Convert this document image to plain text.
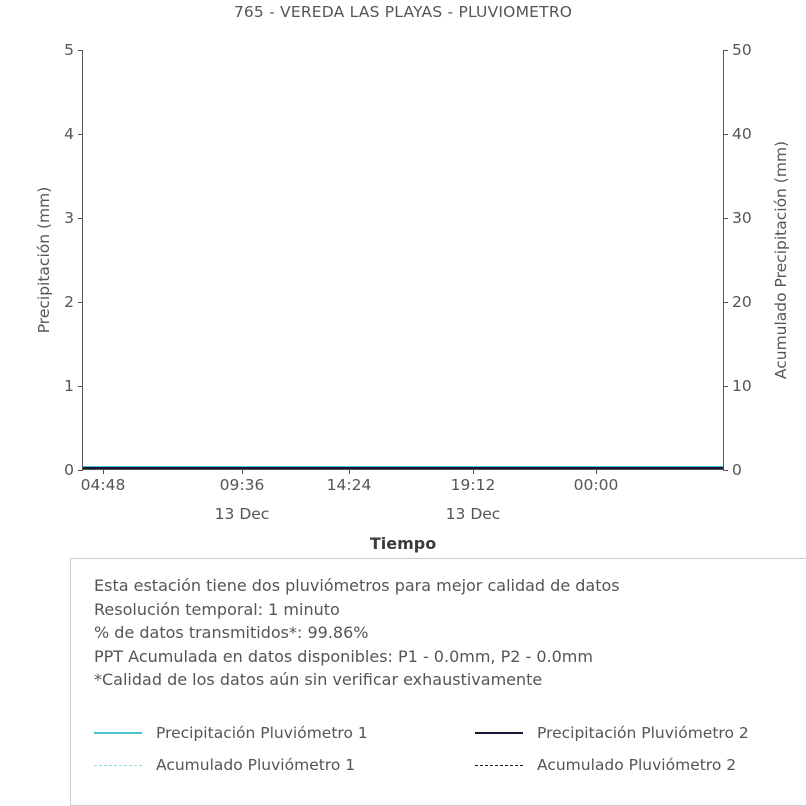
765 - VEREDA LAS PLAYAS - PLUVIOMETRO
0
1
2
3
4
5
0
10
20
30
40
50
04:48	09:36
13 Dec
14:24	19:12
13 Dec
00:00
Precipitación (mm)	Acumulado Precipitación (mm)
Tiempo
Esta estación tiene dos pluviómetros para mejor calidad de datos
Resolución temporal: 1 minuto
% de datos transmitidos*: 99.86%
PPT Acumulada en datos disponibles: P1 - 0.0mm, P2 - 0.0mm
*Calidad de los datos aún sin verificar exhaustivamente
Precipitación Pluviómetro 1	Precipitación Pluviómetro 2
Acumulado Pluviómetro 1	Acumulado Pluviómetro 2
